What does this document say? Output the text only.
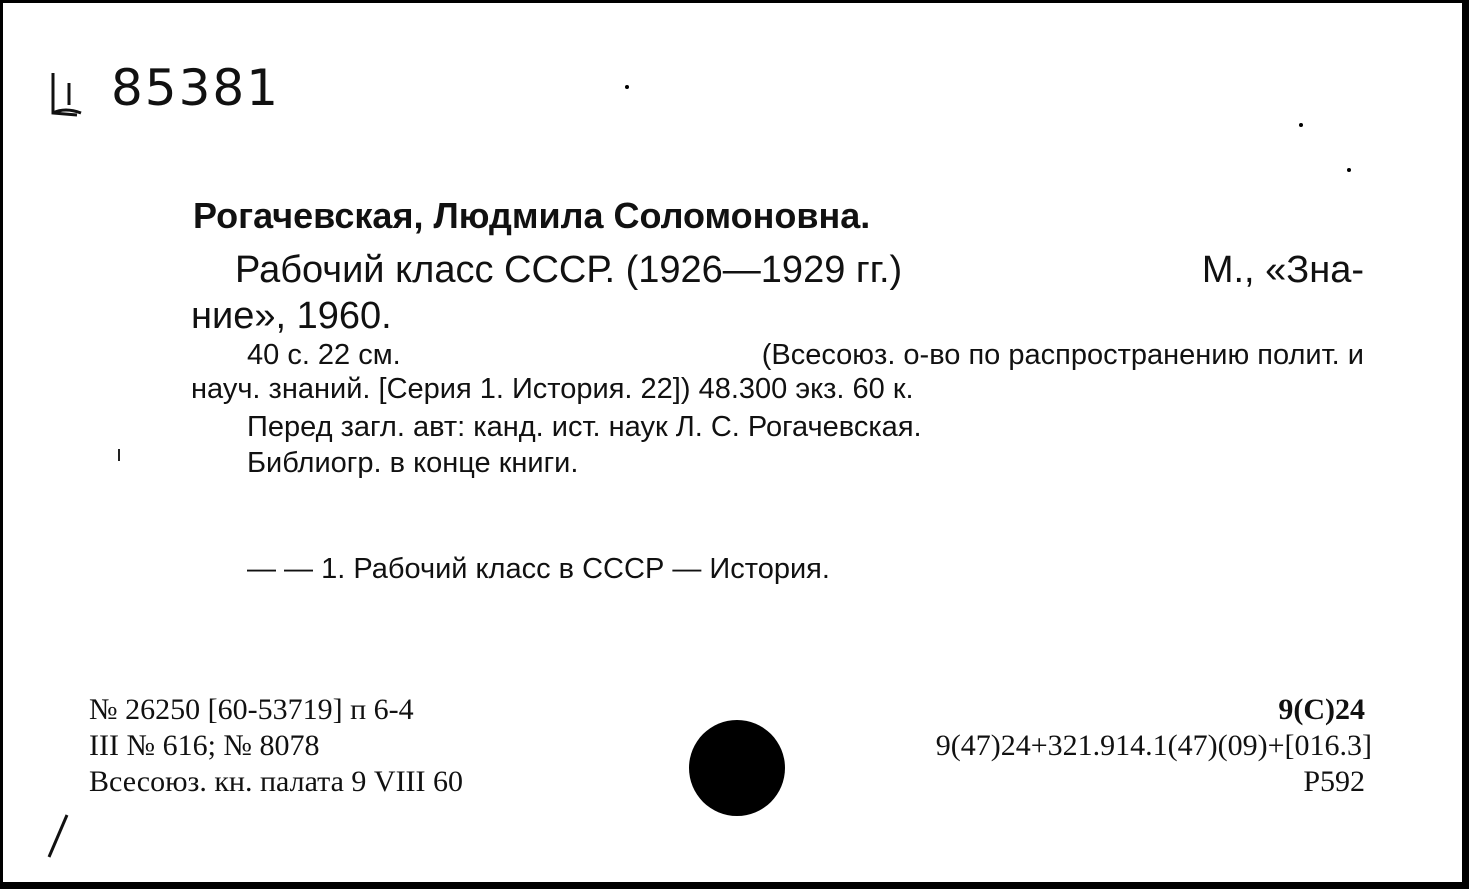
85381
Рогачевская, Людмила Соломоновна.
Рабочий класс СССР. (1926—1929 гг.)	М., «Зна-
ние», 1960.
40 с. 22 см.	(Всесоюз. о-во по распространению полит. и
науч. знаний. [Серия 1. История. 22]) 48.300 экз. 60 к.
Перед загл. авт: канд. ист. наук Л. С. Рогачевская.
Библиогр. в конце книги.
— — 1. Рабочий класс в СССР — История.
№ 26250 [60-53719] п 6-4
III № 616; № 8078
Всесоюз. кн. палата 9 VIII 60
9(С)24
9(47)24+321.914.1(47)(09)+[016.3]
Р592
